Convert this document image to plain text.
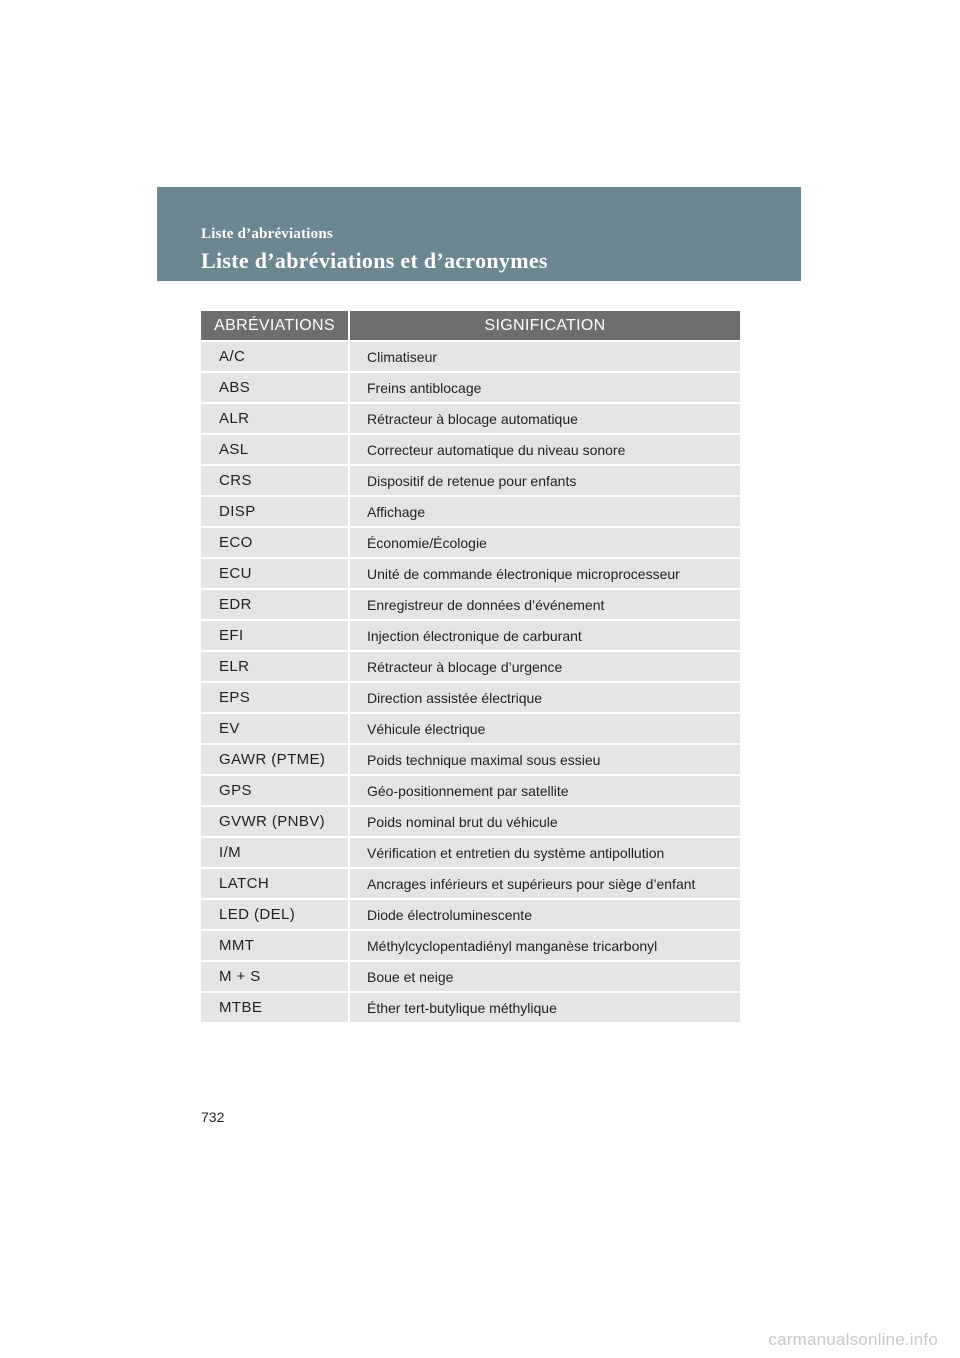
Liste d’abréviations
Liste d’abréviations et d’acronymes
ABRÉVIATIONS	SIGNIFICATION
A/C	Climatiseur
ABS	Freins antiblocage
ALR	Rétracteur à blocage automatique
ASL	Correcteur automatique du niveau sonore
CRS	Dispositif de retenue pour enfants
DISP	Affichage
ECO	Économie/Écologie
ECU	Unité de commande électronique microprocesseur
EDR	Enregistreur de données d’événement
EFI	Injection électronique de carburant
ELR	Rétracteur à blocage d’urgence
EPS	Direction assistée électrique
EV	Véhicule électrique
GAWR (PTME)	Poids technique maximal sous essieu
GPS	Géo-positionnement par satellite
GVWR (PNBV)	Poids nominal brut du véhicule
I/M	Vérification et entretien du système antipollution
LATCH	Ancrages inférieurs et supérieurs pour siège d’enfant
LED (DEL)	Diode électroluminescente
MMT	Méthylcyclopentadiényl manganèse tricarbonyl
M + S	Boue et neige
MTBE	Éther tert-butylique méthylique
732
carmanualsonline.info
